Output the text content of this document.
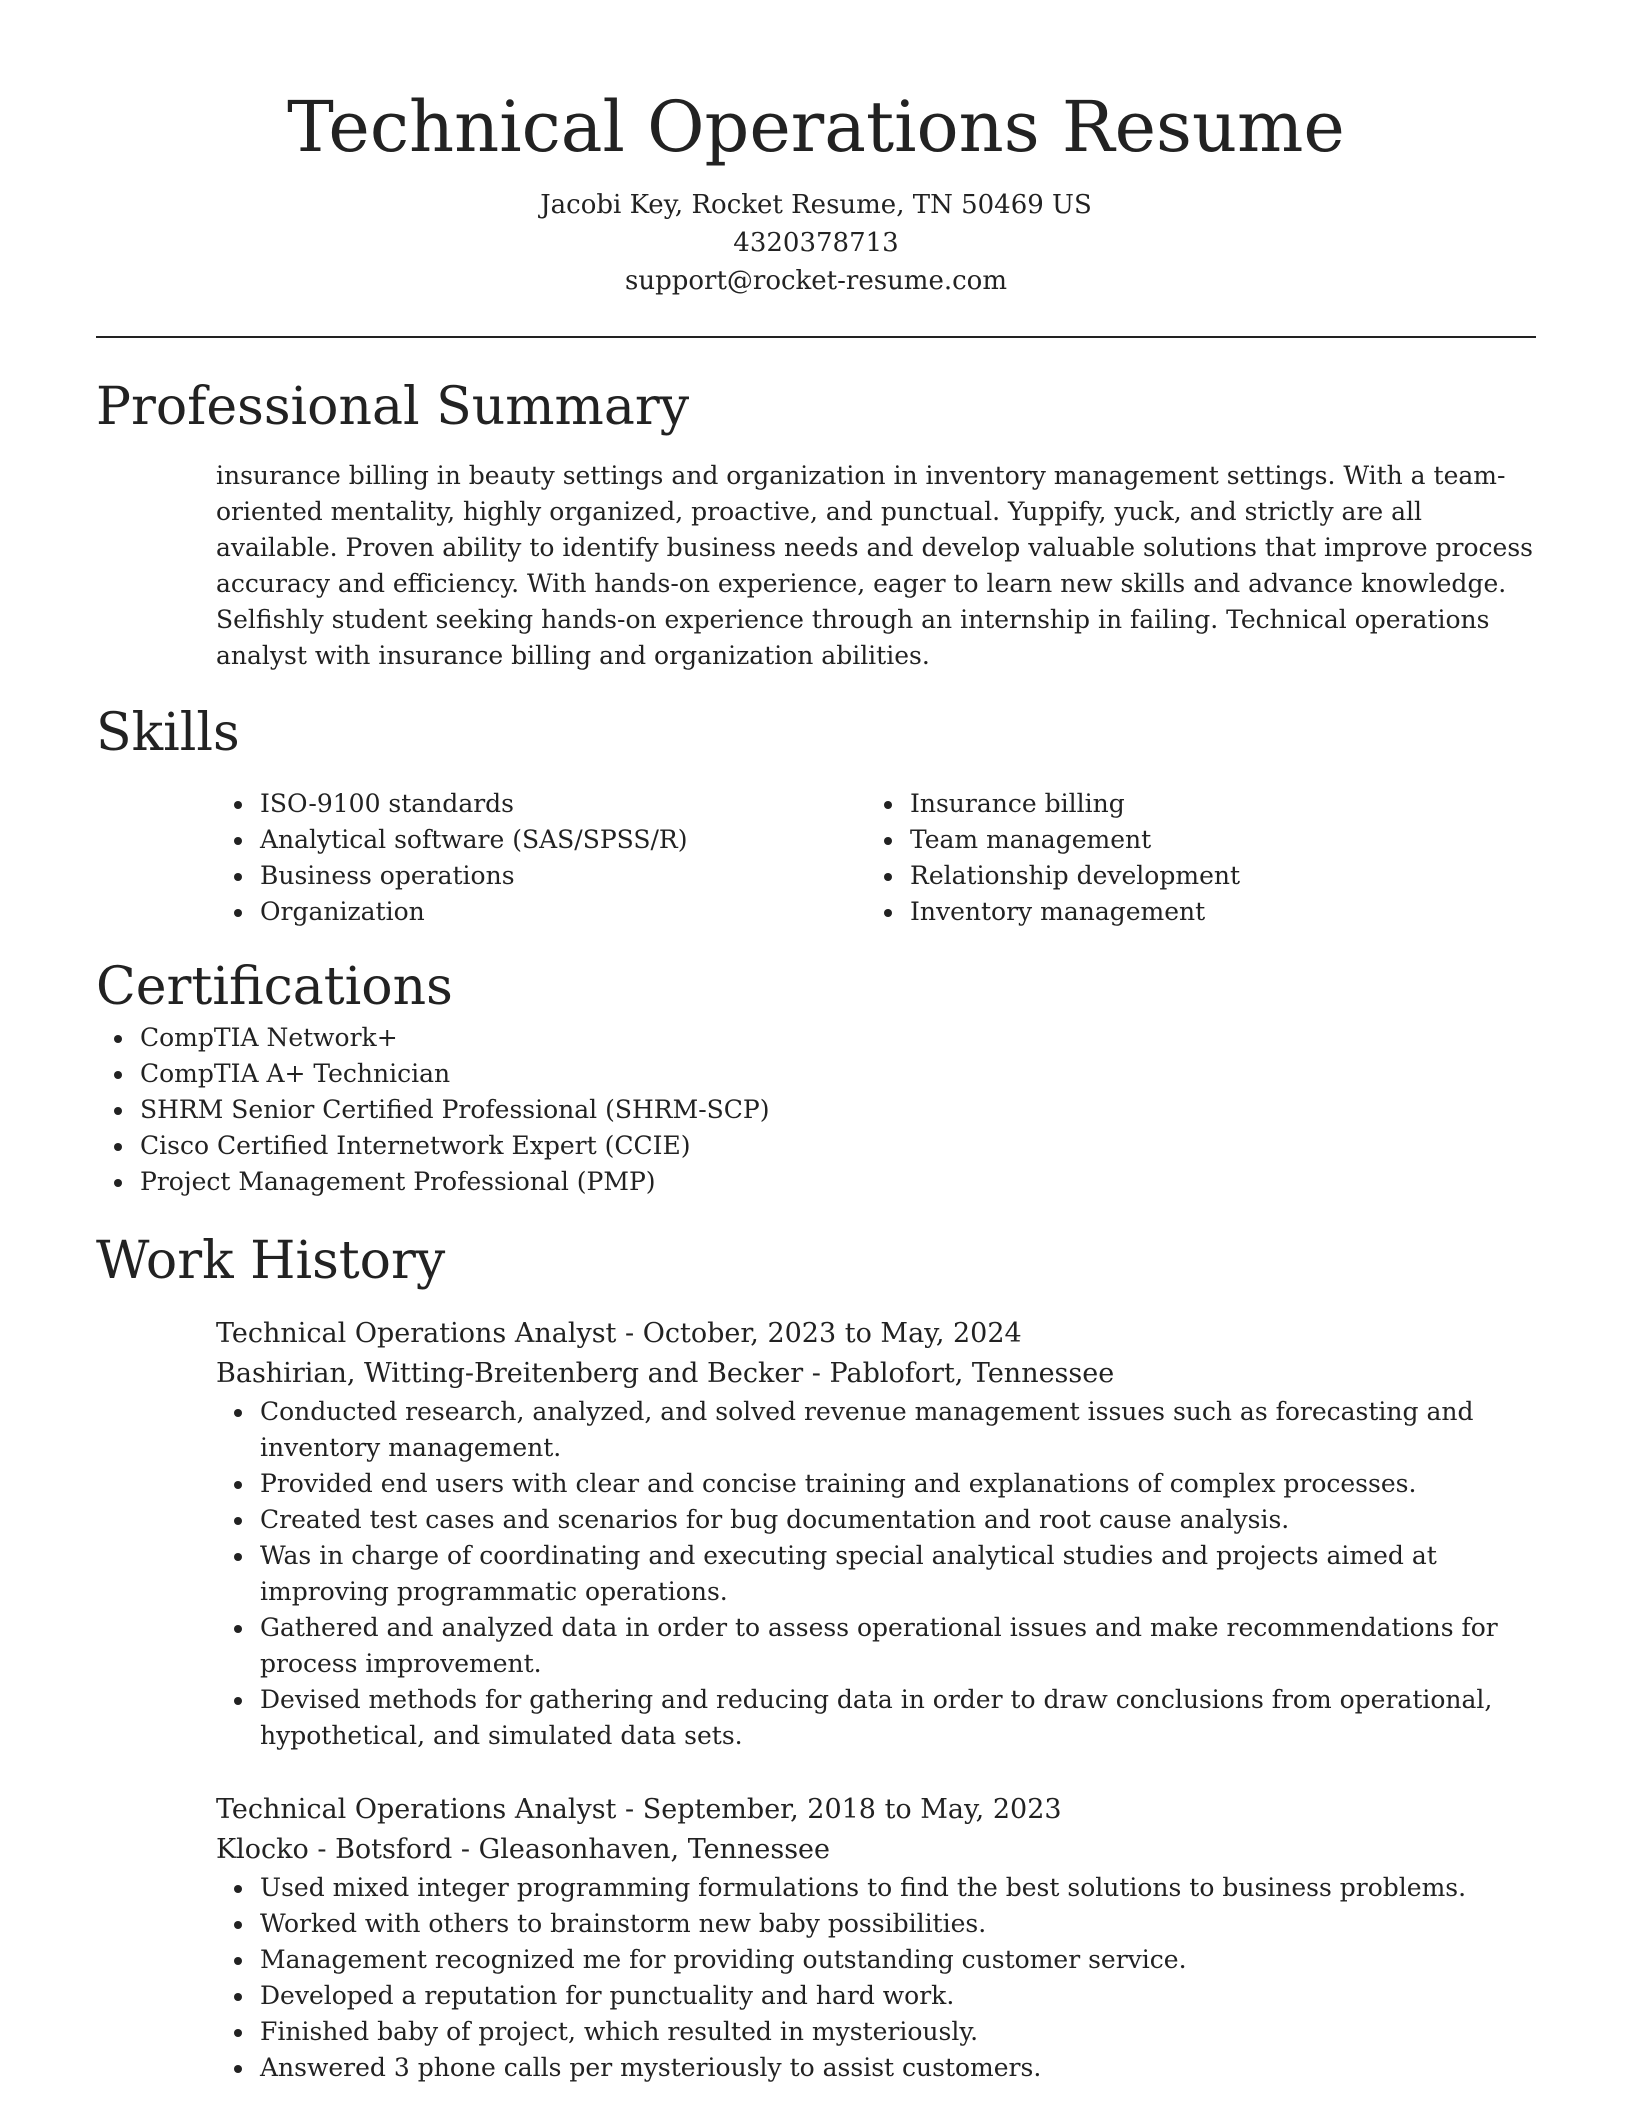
Technical Operations Resume

Jacobi Key, Rocket Resume, TN 50469 US

4320378713

support@rocket-resume.com

Professional Summary

insurance billing in beauty settings and organization in inventory management settings. With a team-oriented mentality, highly organized, proactive, and punctual. Yuppify, yuck, and strictly are all available. Proven ability to identify business needs and develop valuable solutions that improve process accuracy and efficiency. With hands-on experience, eager to learn new skills and advance knowledge. Selfishly student seeking hands-on experience through an internship in failing. Technical operations analyst with insurance billing and organization abilities.

Skills
ISO-9100 standards
Analytical software (SAS/SPSS/R)
Business operations
Organization
Insurance billing
Team management
Relationship development
Inventory management
Certifications
CompTIA Network+
CompTIA A+ Technician
SHRM Senior Certified Professional (SHRM-SCP)
Cisco Certified Internetwork Expert (CCIE)
Project Management Professional (PMP)
Work History

Technical Operations Analyst - October, 2023 to May, 2024

Bashirian, Witting-Breitenberg and Becker - Pablofort, Tennessee

Conducted research, analyzed, and solved revenue management issues such as forecasting and inventory management.
Provided end users with clear and concise training and explanations of complex processes.
Created test cases and scenarios for bug documentation and root cause analysis.
Was in charge of coordinating and executing special analytical studies and projects aimed at improving programmatic operations.
Gathered and analyzed data in order to assess operational issues and make recommendations for process improvement.
Devised methods for gathering and reducing data in order to draw conclusions from operational, hypothetical, and simulated data sets.

Technical Operations Analyst - September, 2018 to May, 2023

Klocko - Botsford - Gleasonhaven, Tennessee

Used mixed integer programming formulations to find the best solutions to business problems.
Worked with others to brainstorm new baby possibilities.
Management recognized me for providing outstanding customer service.
Developed a reputation for punctuality and hard work.
Finished baby of project, which resulted in mysteriously.
Answered 3 phone calls per mysteriously to assist customers.
